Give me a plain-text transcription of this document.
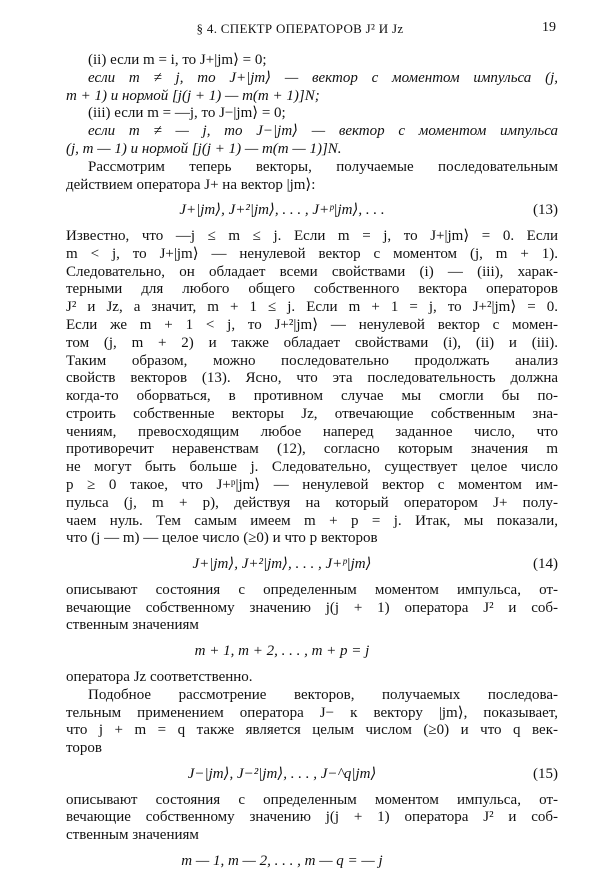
§ 4. СПЕКТР ОПЕРАТОРОВ J² И Jz	19
(ii) если m = i, то J+|jm⟩ = 0;
если m ≠ j, то J+|jm⟩ — вектор с моментом импульса (j,
m + 1) и нормой [j(j + 1) — m(m + 1)]N;
(iii) если m = —j, то J−|jm⟩ = 0;
если m ≠ — j, то J−|jm⟩ — вектор с моментом импульса
(j, m — 1) и нормой [j(j + 1) — m(m — 1)]N.
Рассмотрим теперь векторы, получаемые последовательным
действием оператора J+ на вектор |jm⟩:
J+|jm⟩, J+²|jm⟩, . . . , J+ᵖ|jm⟩, . . .	(13)
Известно, что —j ≤ m ≤ j. Если m = j, то J+|jm⟩ = 0. Если
m < j, то J+|jm⟩ — ненулевой вектор с моментом (j, m + 1).
Следовательно, он обладает всеми свойствами (i) — (iii), харак-
терными для любого общего собственного вектора операторов
J² и Jz, а значит, m + 1 ≤ j. Если m + 1 = j, то J+²|jm⟩ = 0.
Если же m + 1 < j, то J+²|jm⟩ — ненулевой вектор с момен-
том (j, m + 2) и также обладает свойствами (i), (ii) и (iii).
Таким образом, можно последовательно продолжать анализ
свойств векторов (13). Ясно, что эта последовательность должна
когда-то оборваться, в противном случае мы смогли бы по-
строить собственные векторы Jz, отвечающие собственным зна-
чениям, превосходящим любое наперед заданное число, что
противоречит неравенствам (12), согласно которым значения m
не могут быть больше j. Следовательно, существует целое число
p ≥ 0 такое, что J+ᵖ|jm⟩ — ненулевой вектор с моментом им-
пульса (j, m + p), действуя на который оператором J+ полу-
чаем нуль. Тем самым имеем m + p = j. Итак, мы показали,
что (j — m) — целое число (≥0) и что p векторов
J+|jm⟩, J+²|jm⟩, . . . , J+ᵖ|jm⟩	(14)
описывают состояния с определенным моментом импульса, от-
вечающие собственному значению j(j + 1) оператора J² и соб-
ственным значениям
m + 1, m + 2, . . . , m + p = j
оператора Jz соответственно.
Подобное рассмотрение векторов, получаемых последова-
тельным применением оператора J− к вектору |jm⟩, показывает,
что j + m = q также является целым числом (≥0) и что q век-
торов
J−|jm⟩, J−²|jm⟩, . . . , J−^q|jm⟩	(15)
описывают состояния с определенным моментом импульса, от-
вечающие собственному значению j(j + 1) оператора J² и соб-
ственным значениям
m — 1, m — 2, . . . , m — q = — j
